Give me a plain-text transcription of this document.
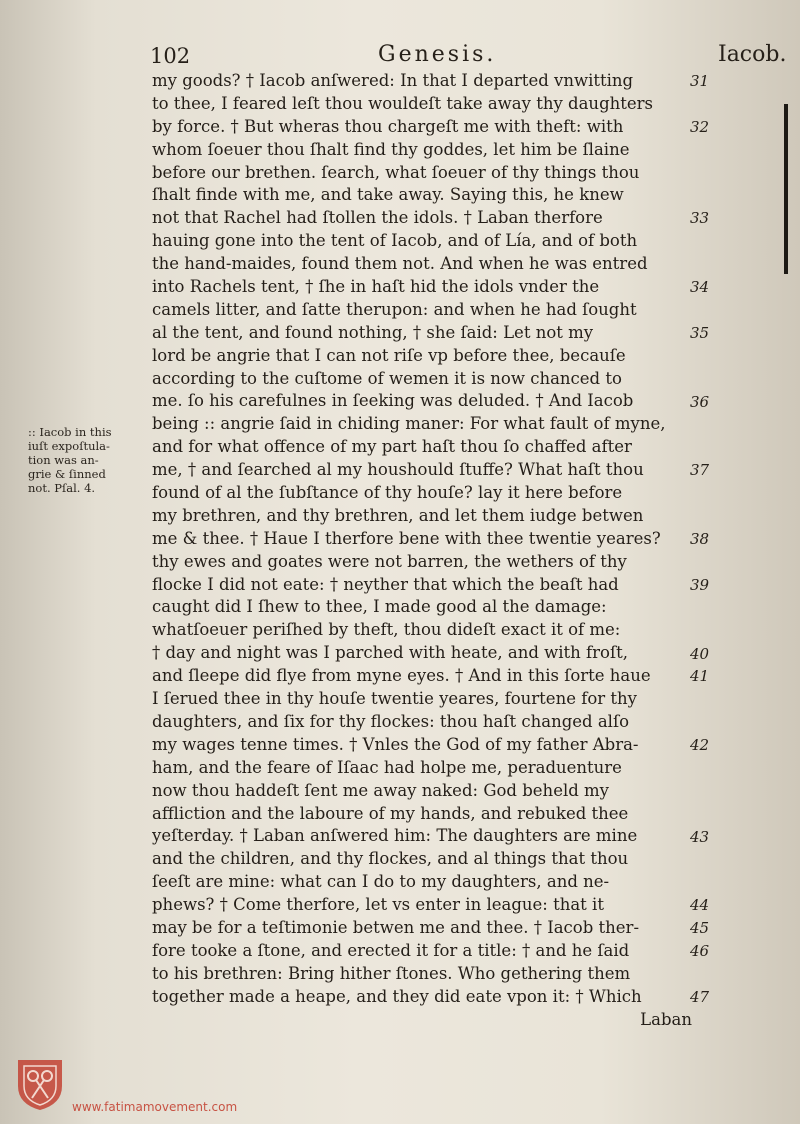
102	Genesis.	Iacob.
my goods? † Iacob anſwered: In that I departed vnwitting
to thee, I feared leſt thou wouldeſt take away thy daughters
by force. † But wheras thou chargeſt me with theft: with
whom ſoeuer thou ſhalt find thy goddes, let him be ſlaine
before our brethen. ſearch, what ſoeuer of thy things thou
ſhalt finde with me, and take away. Saying this, he knew
not that Rachel had ſtollen the idols. † Laban therfore
hauing gone into the tent of Iacob, and of Lía, and of both
the hand-maides, found them not. And when he was entred
into Rachels tent, † ſhe in haſt hid the idols vnder the
camels litter, and ſatte therupon: and when he had ſought
al the tent, and found nothing, † she ſaid: Let not my
lord be angrie that I can not riſe vp before thee, becauſe
according to the cuſtome of wemen it is now chanced to
me. ſo his carefulnes in ſeeking was deluded. † And Iacob
being :: angrie ſaid in chiding maner: For what fault of myne,
and for what offence of my part haſt thou ſo chaffed after
me, † and ſearched al my houshould ſtuffe? What haſt thou
found of al the ſubſtance of thy houſe? lay it here before
my brethren, and thy brethren, and let them iudge betwen
me & thee. † Haue I therfore bene with thee twentie yeares?
thy ewes and goates were not barren, the wethers of thy
flocke I did not eate: † neyther that which the beaſt had
caught did I ſhew to thee, I made good al the damage:
whatſoeuer periſhed by theft, thou dideſt exact it of me:
† day and night was I parched with heate, and with froſt,
and ſleepe did flye from myne eyes. † And in this ſorte haue
I ſerued thee in thy houſe twentie yeares, fourtene for thy
daughters, and ſix for thy flockes: thou haſt changed alſo
my wages tenne times. † Vnles the God of my father Abra-
ham, and the feare of Iſaac had holpe me, peraduenture
now thou haddeſt ſent me away naked: God beheld my
affliction and the laboure of my hands, and rebuked thee
yeſterday. † Laban anſwered him: The daughters are mine
and the children, and thy flockes, and al things that thou
ſeeſt are mine: what can I do to my daughters, and ne-
phews? † Come therfore, let vs enter in league: that it
may be for a teſtimonie betwen me and thee. † Iacob ther-
fore tooke a ſtone, and erected it for a title: † and he ſaid
to his brethren: Bring hither ſtones. Who gethering them
together made a heape, and they did eate vpon it: † Which
Laban
31
32
33
34
35
36
37
38
39
40
41
42
43
44
45
46
47
:: Iacob in this
iuſt expoſtula-
tion was an-
grie & ſinned
not. Pſal. 4.
www.fatimamovement.com
